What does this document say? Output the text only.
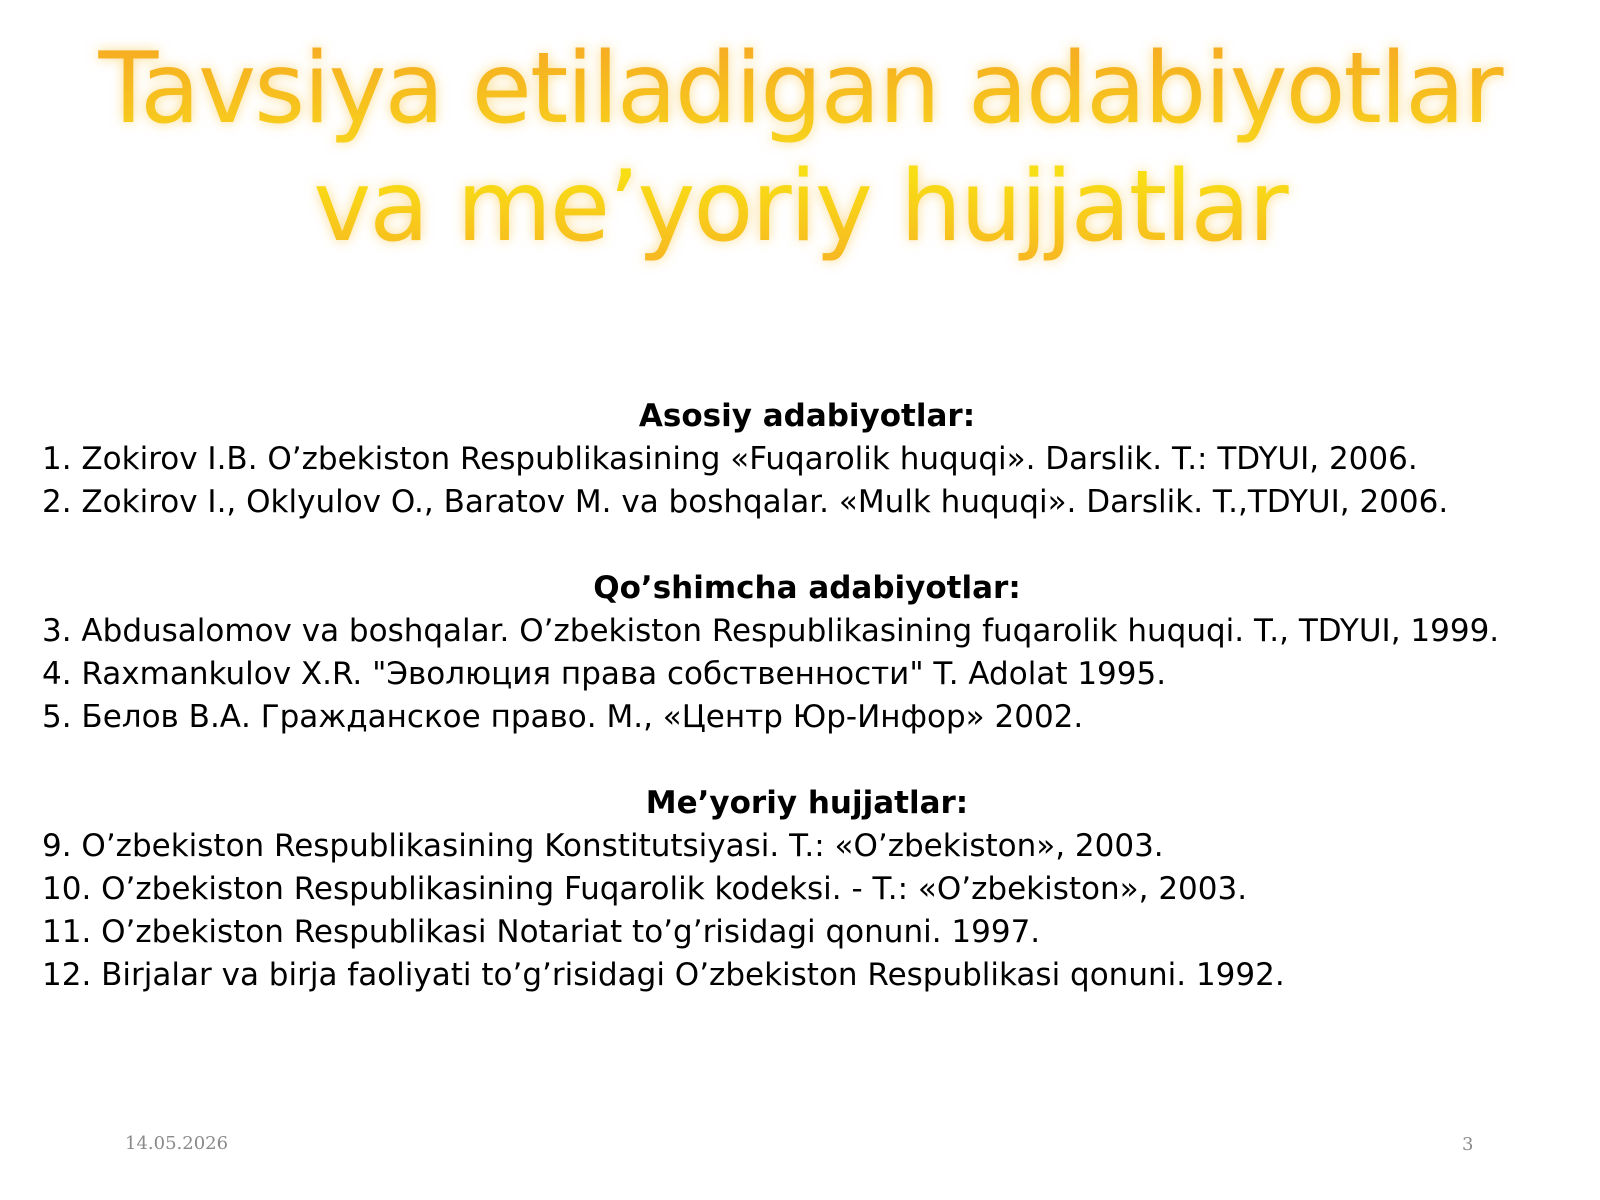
Tavsiya etiladigan adabiyotlar
va me’yoriy hujjatlar

Asosiy adabiyotlar:

1. Zokirov I.B. O’zbekiston Respublikasining «Fuqarolik huquqi». Darslik. T.: TDYUI, 2006.

2. Zokirov I., Oklyulov O., Baratov M. va boshqalar. «Mulk huquqi». Darslik. T.,TDYUI, 2006.

Qo’shimcha adabiyotlar:

3. Abdusalomov va boshqalar. O’zbekiston Respublikasining fuqarolik huquqi. T., TDYUI, 1999.

4. Raxmankulov X.R. "Эволюция права собственности" T. Adolat 1995.

5. Белов В.А. Гражданское право. М., «Центр Юр-Инфор» 2002.

Me’yoriy hujjatlar:

9. O’zbekiston Respublikasining Konstitutsiyasi. T.: «O’zbekiston», 2003.

10. O’zbekiston Respublikasining Fuqarolik kodeksi. - T.: «O’zbekiston», 2003.

11. O’zbekiston Respublikasi Notariat to’g’risidagi qonuni. 1997.

12. Birjalar va birja faoliyati to’g’risidagi O’zbekiston Respublikasi qonuni. 1992.

14.05.2026	3
